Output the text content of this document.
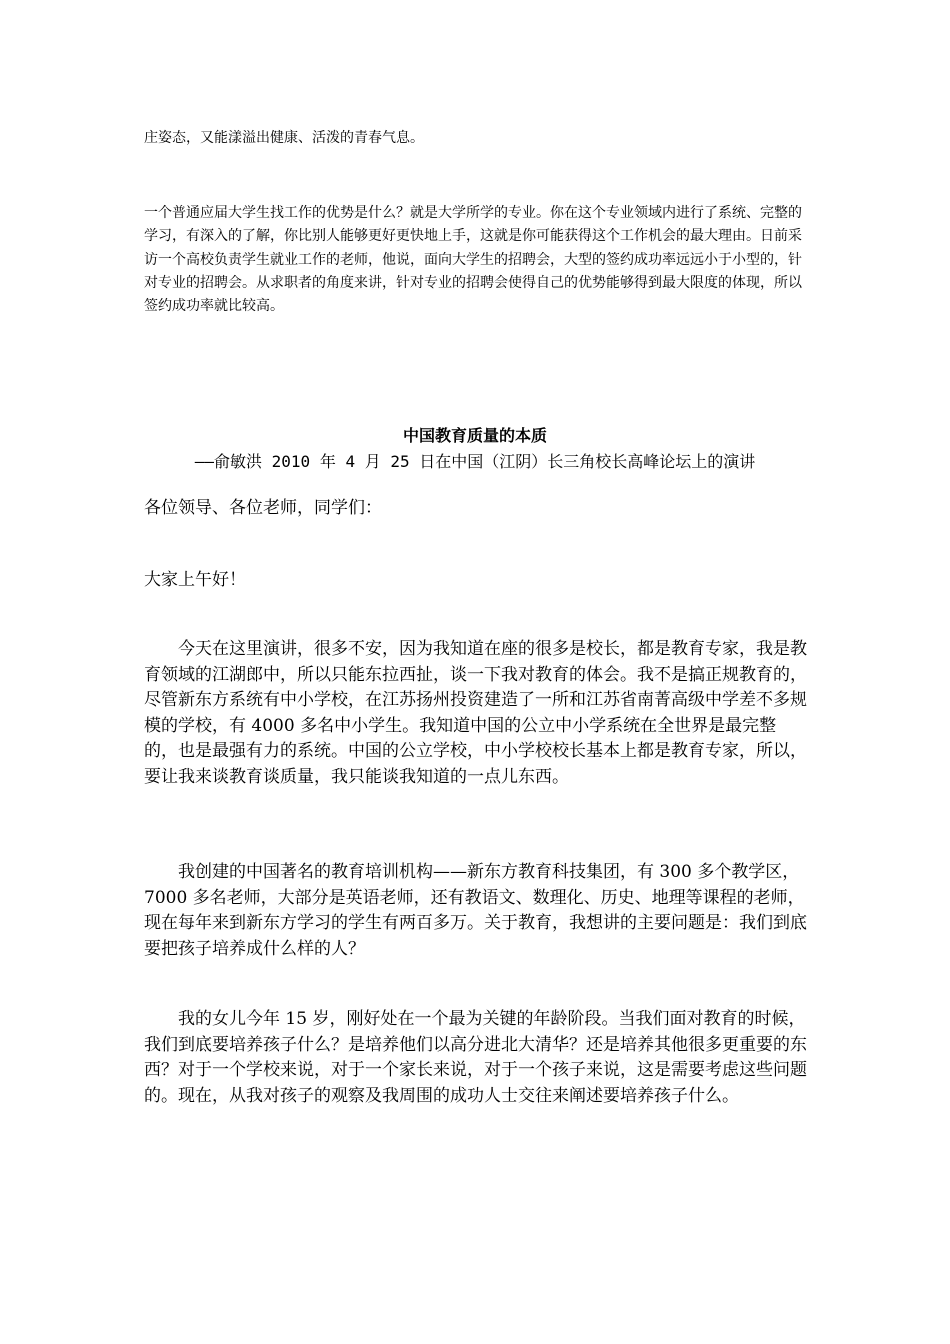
庄姿态，又能漾溢出健康、活泼的青春气息。

一个普通应届大学生找工作的优势是什么？就是大学所学的专业。你在这个专业领域内进行了系统、完整的学习，有深入的了解，你比别人能够更好更快地上手，这就是你可能获得这个工作机会的最大理由。日前采访一个高校负责学生就业工作的老师，他说，面向大学生的招聘会，大型的签约成功率远远小于小型的，针对专业的招聘会。从求职者的角度来讲，针对专业的招聘会使得自己的优势能够得到最大限度的体现，所以签约成功率就比较高。

中国教育质量的本质

——俞敏洪 2010 年 4 月 25 日在中国（江阴）长三角校长高峰论坛上的演讲

各位领导、各位老师，同学们：

大家上午好！

今天在这里演讲，很多不安，因为我知道在座的很多是校长，都是教育专家，我是教育领域的江湖郎中，所以只能东拉西扯，谈一下我对教育的体会。我不是搞正规教育的，尽管新东方系统有中小学校，在江苏扬州投资建造了一所和江苏省南菁高级中学差不多规模的学校，有 4000 多名中小学生。我知道中国的公立中小学系统在全世界是最完整的，也是最强有力的系统。中国的公立学校，中小学校校长基本上都是教育专家，所以，要让我来谈教育谈质量，我只能谈我知道的一点儿东西。

我创建的中国著名的教育培训机构——新东方教育科技集团，有 300 多个教学区，7000 多名老师，大部分是英语老师，还有教语文、数理化、历史、地理等课程的老师，现在每年来到新东方学习的学生有两百多万。关于教育，我想讲的主要问题是：我们到底要把孩子培养成什么样的人？

我的女儿今年 15 岁，刚好处在一个最为关键的年龄阶段。当我们面对教育的时候，我们到底要培养孩子什么？是培养他们以高分进北大清华？还是培养其他很多更重要的东西？对于一个学校来说，对于一个家长来说，对于一个孩子来说，这是需要考虑这些问题的。现在，从我对孩子的观察及我周围的成功人士交往来阐述要培养孩子什么。
